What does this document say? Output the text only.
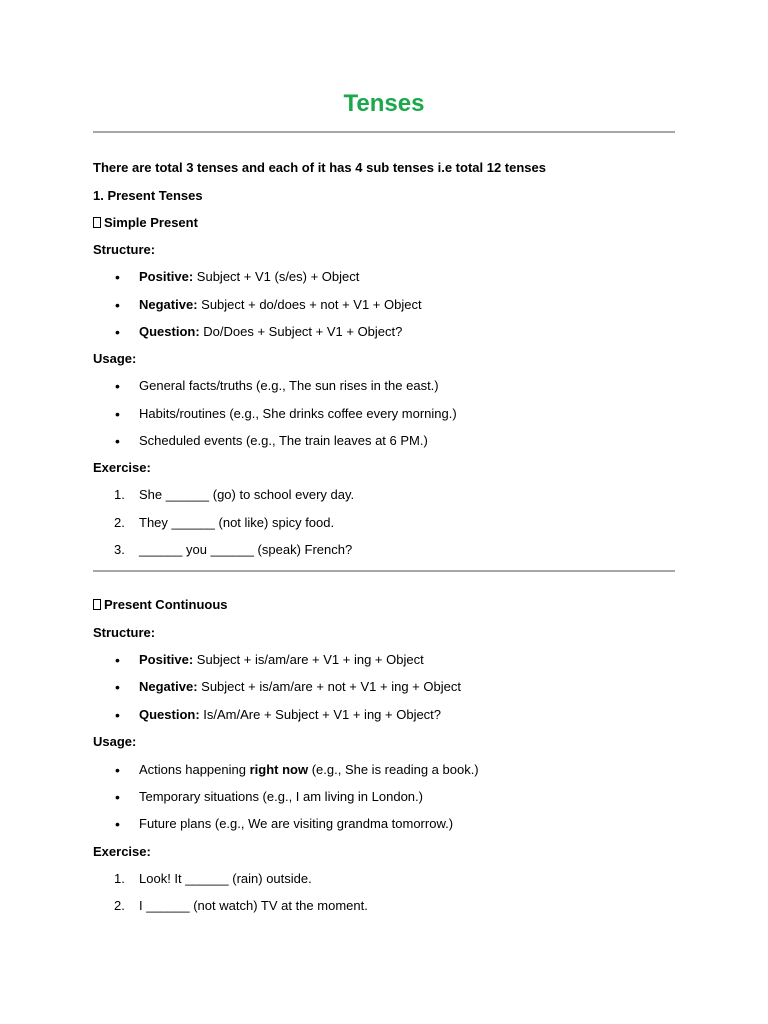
Tenses
There are total 3 tenses and each of it has 4 sub tenses i.e total 12 tenses
1. Present Tenses
Simple Present
Structure:
• Positive: Subject + V1 (s/es) + Object
• Negative: Subject + do/does + not + V1 + Object
• Question: Do/Does + Subject + V1 + Object?
Usage:
• General facts/truths (e.g., The sun rises in the east.)
• Habits/routines (e.g., She drinks coffee every morning.)
• Scheduled events (e.g., The train leaves at 6 PM.)
Exercise:
1. She ______ (go) to school every day.
2. They ______ (not like) spicy food.
3. ______ you ______ (speak) French?
Present Continuous
Structure:
• Positive: Subject + is/am/are + V1 + ing + Object
• Negative: Subject + is/am/are + not + V1 + ing + Object
• Question: Is/Am/Are + Subject + V1 + ing + Object?
Usage:
• Actions happening right now (e.g., She is reading a book.)
• Temporary situations (e.g., I am living in London.)
• Future plans (e.g., We are visiting grandma tomorrow.)
Exercise:
1. Look! It ______ (rain) outside.
2. I ______ (not watch) TV at the moment.
